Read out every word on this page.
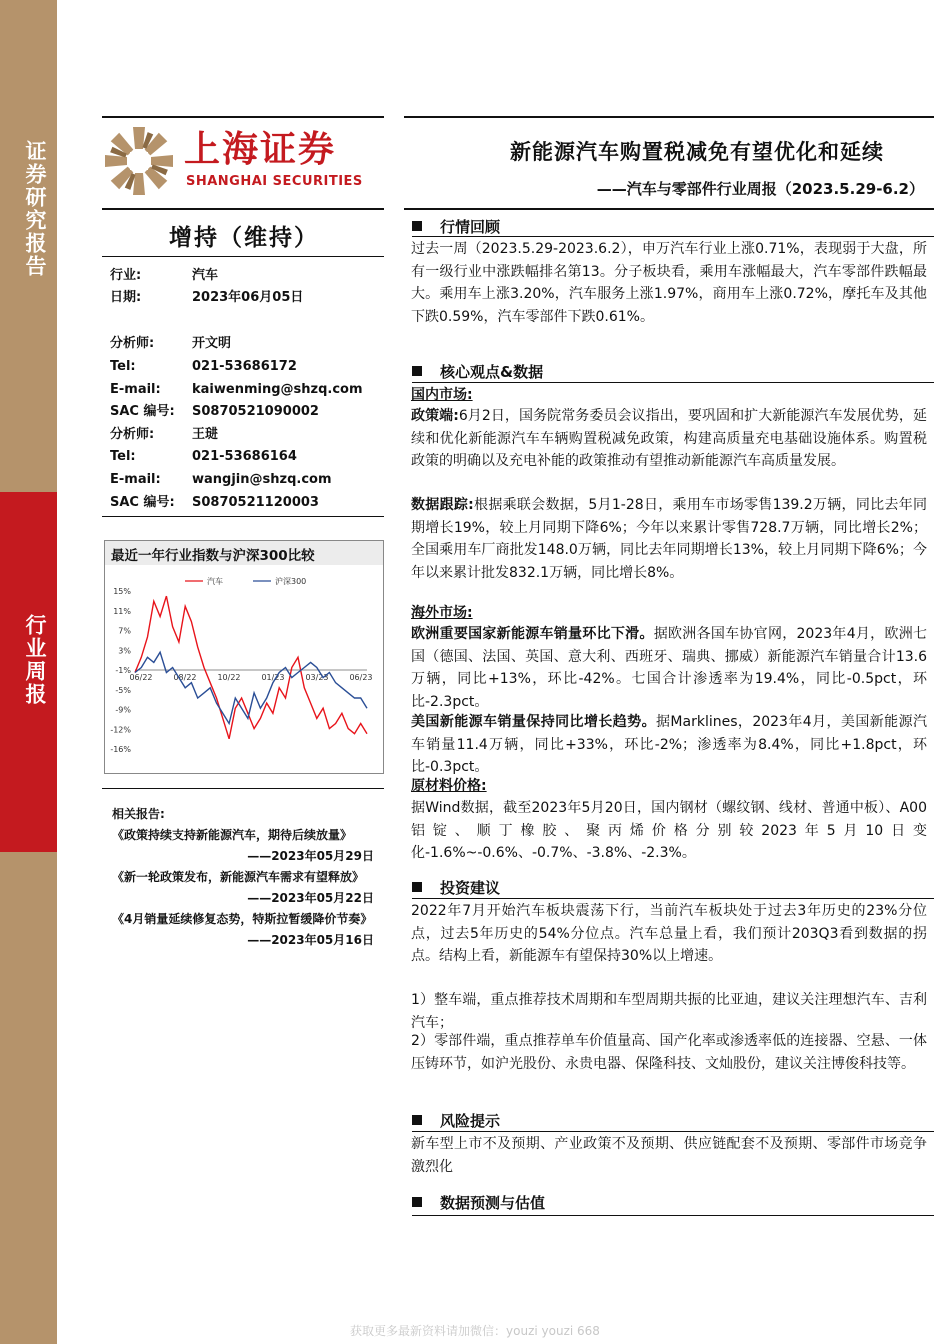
证券研究报告
行业周报
上海证券
SHANGHAI SECURITIES
新能源汽车购置税减免有望优化和延续
——汽车与零部件行业周报（2023.5.29-6.2）
增持（维持）
行业:	汽车
日期:	2023年06月05日
分析师:	开文明
Tel:	021-53686172
E-mail: kaiwenming@shzq.com
SAC 编号: S0870521090002
分析师:	王琎
Tel:	021-53686164
E-mail: wangjin@shzq.com
SAC 编号: S0870521120003
最近一年行业指数与沪深300比较
15%
11%
7%
3%
-1%
-5%
-9%
-12%
-16%
06/22	08/22	10/22	01/23	03/23	06/23
汽车	沪深300
相关报告:
《政策持续支持新能源汽车，期待后续放量》
——2023年05月29日
《新一轮政策发布，新能源汽车需求有望释放》
——2023年05月22日
《4月销量延续修复态势，特斯拉暂缓降价节奏》
——2023年05月16日
行情回顾
过去一周（2023.5.29-2023.6.2），申万汽车行业上涨0.71%，表现弱于大盘，所有一级行业中涨跌幅排名第13。分子板块看，乘用车涨幅最大，汽车零部件跌幅最大。乘用车上涨3.20%，汽车服务上涨1.97%，商用车上涨0.72%，摩托车及其他下跌0.59%，汽车零部件下跌0.61%。
核心观点&数据
国内市场:
政策端:6月2日，国务院常务委员会议指出，要巩固和扩大新能源汽车发展优势，延续和优化新能源汽车车辆购置税减免政策，构建高质量充电基础设施体系。购置税政策的明确以及充电补能的政策推动有望推动新能源汽车高质量发展。
数据跟踪:根据乘联会数据，5月1-28日，乘用车市场零售139.2万辆，同比去年同期增长19%，较上月同期下降6%；今年以来累计零售728.7万辆，同比增长2%；全国乘用车厂商批发148.0万辆，同比去年同期增长13%，较上月同期下降6%；今年以来累计批发832.1万辆，同比增长8%。
海外市场:
欧洲重要国家新能源车销量环比下滑。据欧洲各国车协官网，2023年4月，欧洲七国（德国、法国、英国、意大利、西班牙、瑞典、挪威）新能源汽车销量合计13.6万辆，同比+13%，环比-42%。七国合计渗透率为19.4%，同比-0.5pct，环比-2.3pct。
美国新能源车销量保持同比增长趋势。据Marklines，2023年4月，美国新能源汽车销量11.4万辆，同比+33%，环比-2%；渗透率为8.4%，同比+1.8pct，环比-0.3pct。
原材料价格:
据Wind数据，截至2023年5月20日，国内钢材（螺纹钢、线材、普通中板）、A00铝锭、顺丁橡胶、聚丙烯价格分别较2023年5月10日变化-1.6%~-0.6%、-0.7%、-3.8%、-2.3%。
投资建议
2022年7月开始汽车板块震荡下行，当前汽车板块处于过去3年历史的23%分位点，过去5年历史的54%分位点。汽车总量上看，我们预计203Q3看到数据的拐点。结构上看，新能源车有望保持30%以上增速。
1）整车端，重点推荐技术周期和车型周期共振的比亚迪，建议关注理想汽车、吉利汽车；
2）零部件端，重点推荐单车价值量高、国产化率或渗透率低的连接器、空悬、一体压铸环节，如沪光股份、永贵电器、保隆科技、文灿股份，建议关注博俊科技等。
风险提示
新车型上市不及预期、产业政策不及预期、供应链配套不及预期、零部件市场竞争激烈化
数据预测与估值
获取更多最新资料请加微信：youzi youzi 668
